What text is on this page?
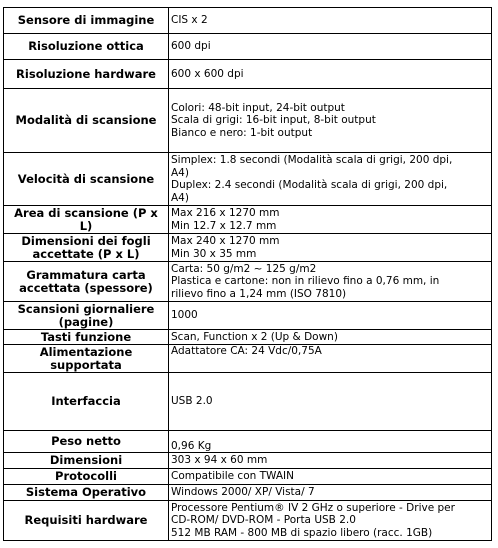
Sensore di immagine	CIS x 2

Risoluzione ottica	600 dpi

Risoluzione hardware	600 x 600 dpi

Modalità di scansione	Colori: 48-bit input, 24-bit output
Scala di grigi: 16-bit input, 8-bit output
Bianco e nero: 1-bit output

Velocità di scansione	Simplex: 1.8 secondi (Modalità scala di grigi, 200 dpi,
A4)
Duplex: 2.4 secondi (Modalità scala di grigi, 200 dpi,
A4)

Area di scansione (P x L)	Max 216 x 1270 mm
Min 12.7 x 12.7 mm

Dimensioni dei fogli accettate (P x L)	Max 240 x 1270 mm
Min 30 x 35 mm

Grammatura carta accettata (spessore)	Carta: 50 g/m2 ~ 125 g/m2
Plastica e cartone: non in rilievo fino a 0,76 mm, in
rilievo fino a 1,24 mm (ISO 7810)

Scansioni giornaliere (pagine)	1000

Tasti funzione	Scan, Function x 2 (Up & Down)

Alimentazione supportata	Adattatore CA: 24 Vdc/0,75A

Interfaccia	USB 2.0

Peso netto	0,96 Kg

Dimensioni	303 x 94 x 60 mm

Protocolli	Compatibile con TWAIN

Sistema Operativo	Windows 2000/ XP/ Vista/ 7

Requisiti hardware	Processore Pentium® IV 2 GHz o superiore - Drive per
CD-ROM/ DVD-ROM - Porta USB 2.0
512 MB RAM - 800 MB di spazio libero (racc. 1GB)
